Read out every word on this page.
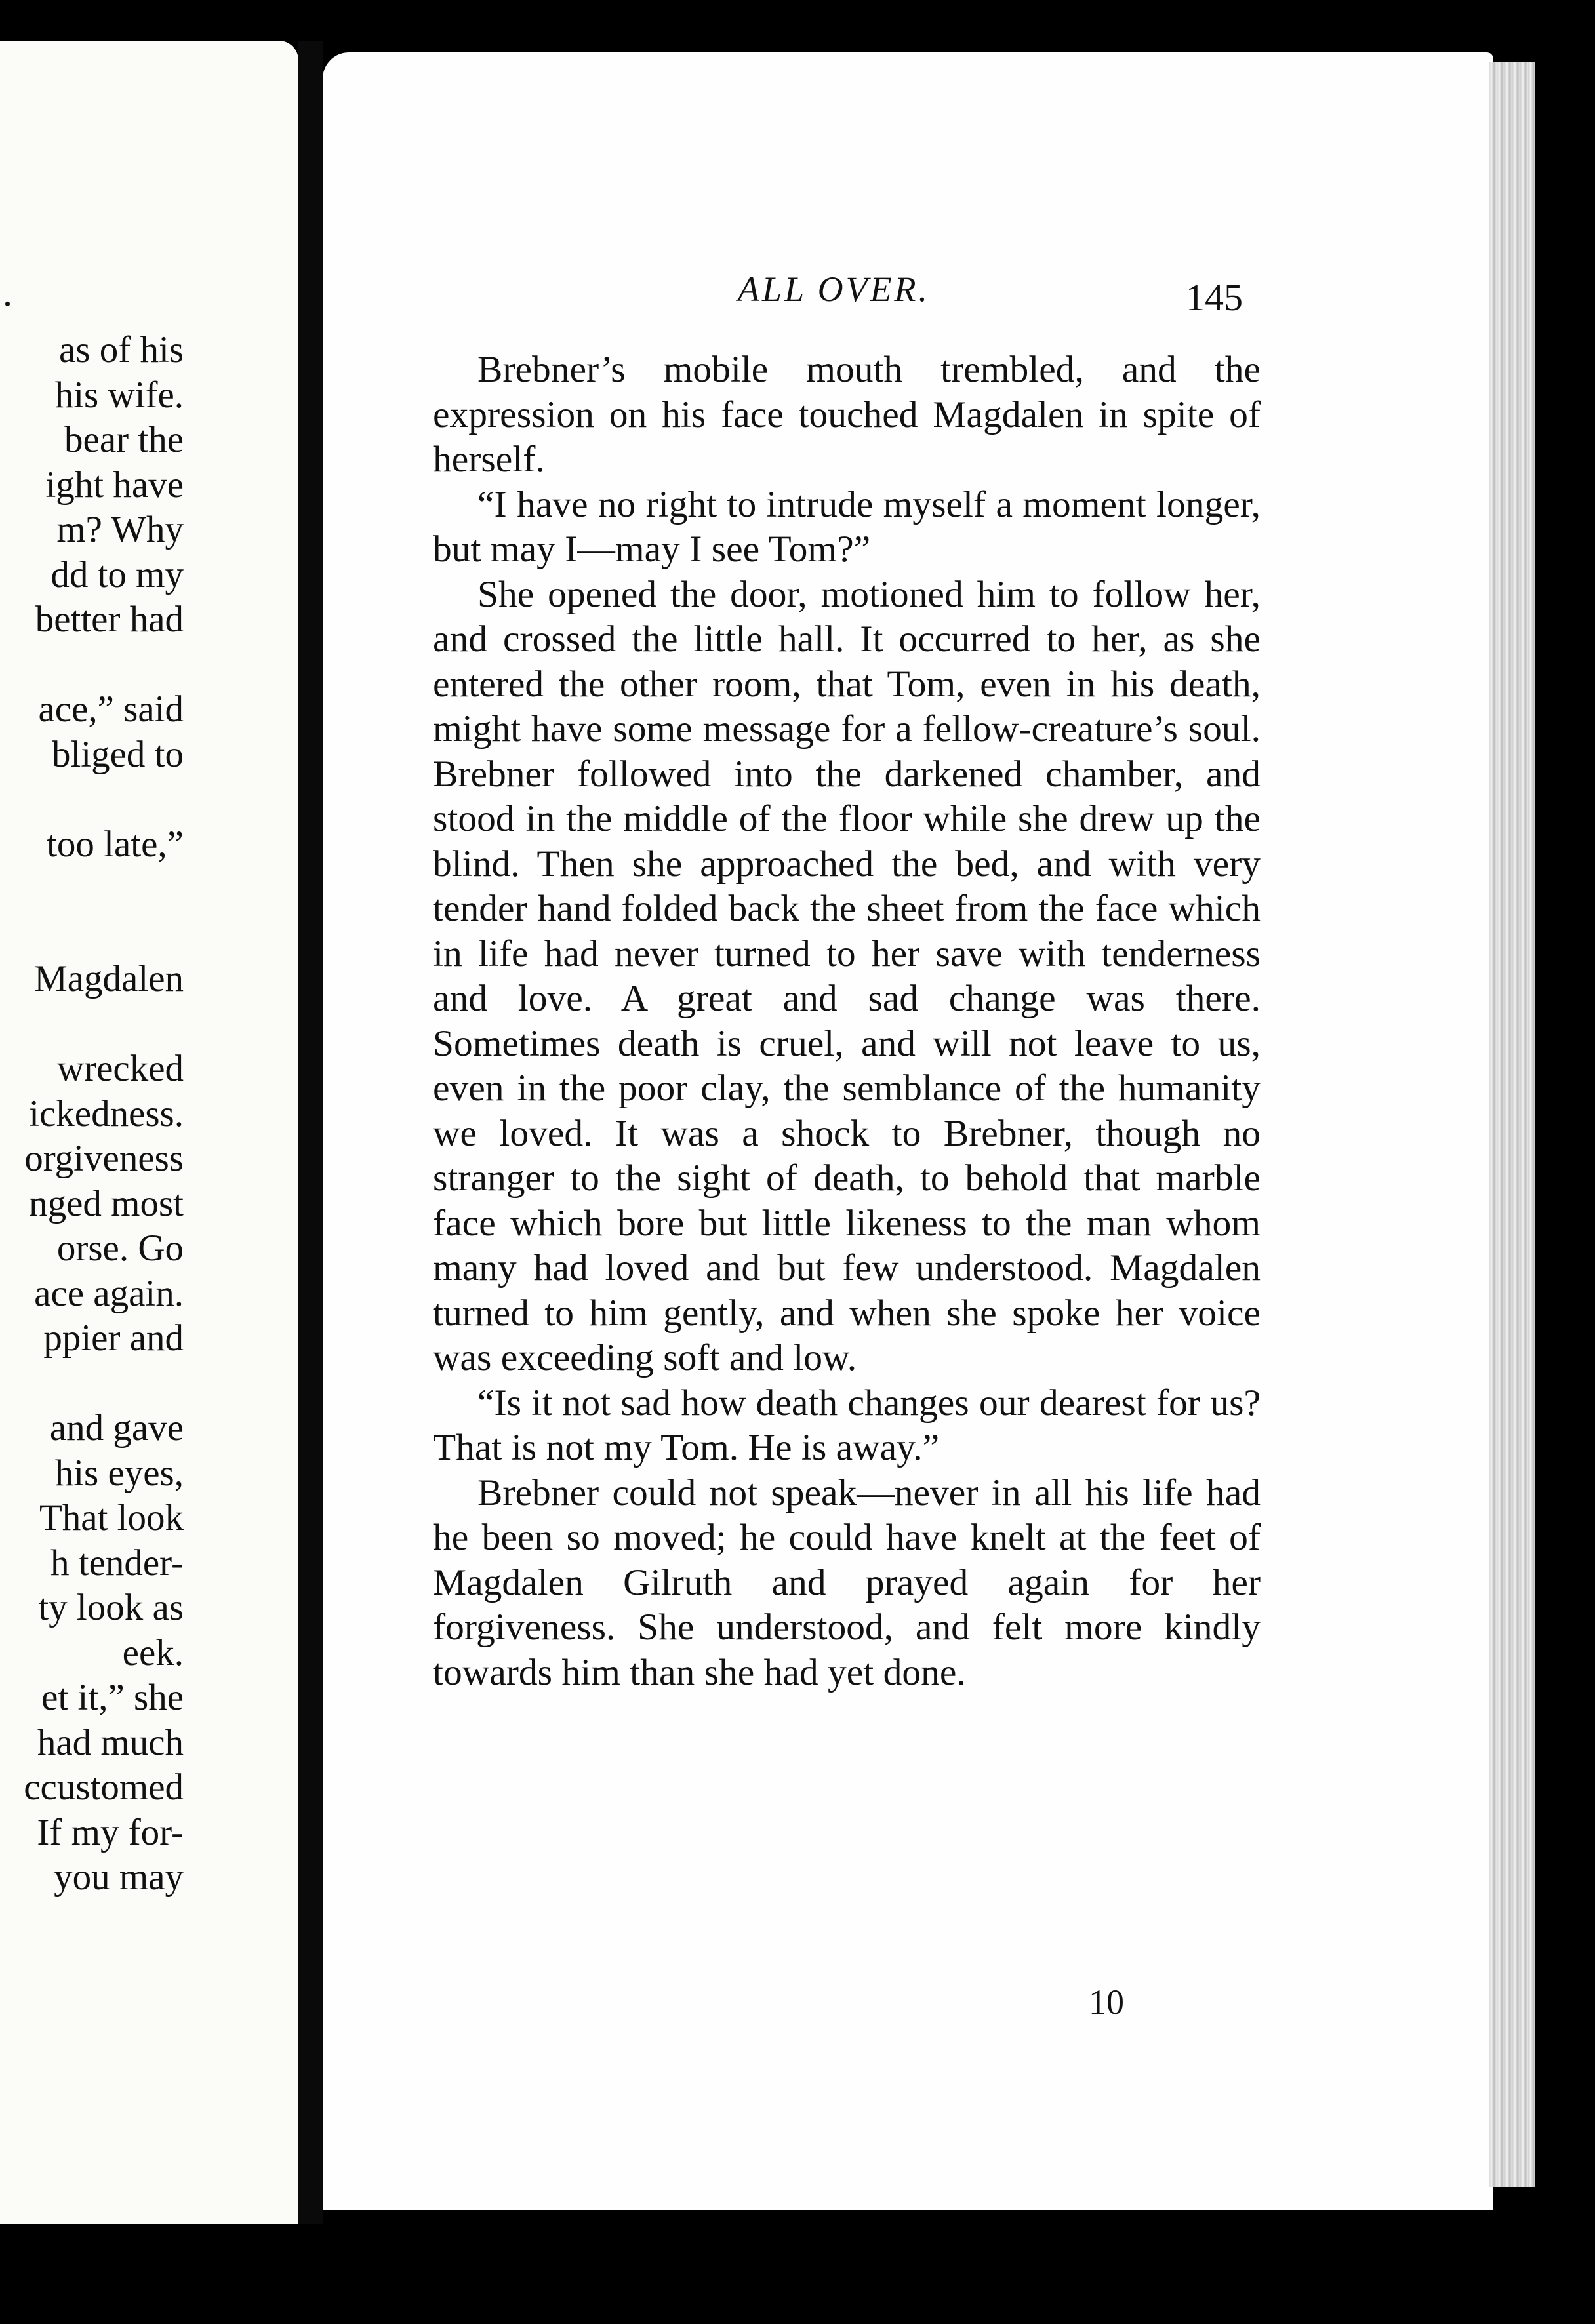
.
as of his
his wife.
bear the
ight have
m? Why
dd to my
better had
ace,” said
bliged to
too late,”
Magdalen
wrecked
ickedness.
orgiveness
nged most
orse. Go
ace again.
ppier and
and gave
his eyes,
That look
h tender-
ty look as
eek.
et it,” she
had much
ccustomed
If my for-
you may
ALL OVER.	145

Brebner’s mobile mouth trembled, and the expression on his face touched Magdalen in spite of herself.

“I have no right to intrude myself a moment longer, but may I—may I see Tom?”

She opened the door, motioned him to follow her, and crossed the little hall. It occurred to her, as she entered the other room, that Tom, even in his death, might have some message for a fellow-creature’s soul. Brebner followed into the darkened chamber, and stood in the middle of the floor while she drew up the blind. Then she approached the bed, and with very tender hand folded back the sheet from the face which in life had never turned to her save with tenderness and love. A great and sad change was there. Sometimes death is cruel, and will not leave to us, even in the poor clay, the semblance of the humanity we loved. It was a shock to Brebner, though no stranger to the sight of death, to behold that marble face which bore but little likeness to the man whom many had loved and but few understood. Magdalen turned to him gently, and when she spoke her voice was exceeding soft and low.

“Is it not sad how death changes our dearest for us? That is not my Tom. He is away.”

Brebner could not speak—never in all his life had he been so moved; he could have knelt at the feet of Magdalen Gilruth and prayed again for her forgiveness. She understood, and felt more kindly towards him than she had yet done.

10
